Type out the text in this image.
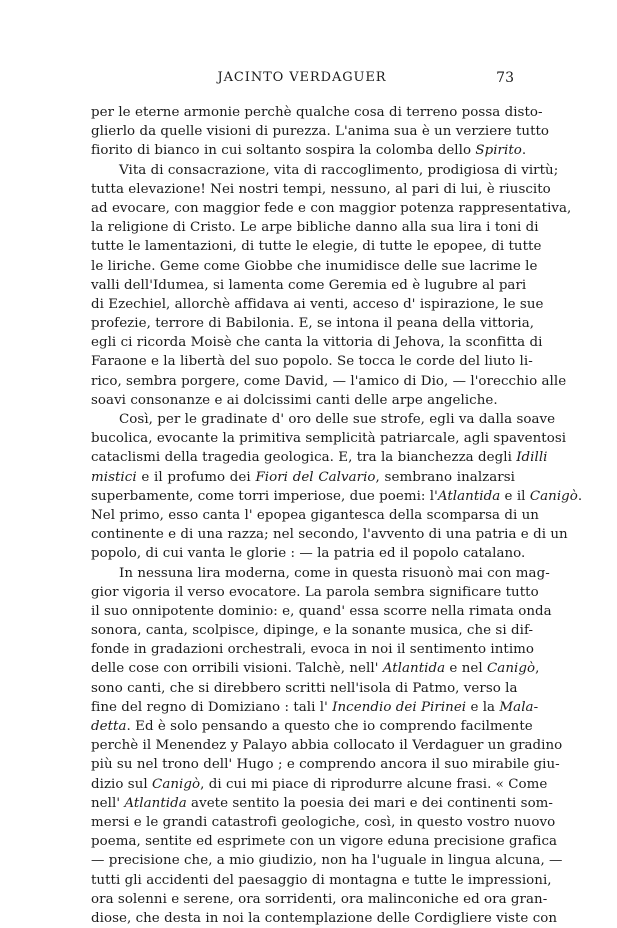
JACINTO VERDAGUER	73
per le eterne armonie perchè qualche cosa di terreno possa disto-
glierlo da quelle visioni di purezza. L'anima sua è un verziere tutto
fiorito di bianco in cui soltanto sospira la colomba dello Spirito.
Vita di consacrazione, vita di raccoglimento, prodigiosa di virtù;
tutta elevazione! Nei nostri tempi, nessuno, al pari di lui, è riuscito
ad evocare, con maggior fede e con maggior potenza rappresentativa,
la religione di Cristo. Le arpe bibliche danno alla sua lira i toni di
tutte le lamentazioni, di tutte le elegie, di tutte le epopee, di tutte
le liriche. Geme come Giobbe che inumidisce delle sue lacrime le
valli dell'Idumea, si lamenta come Geremia ed è lugubre al pari
di Ezechiel, allorchè affidava ai venti, acceso d' ispirazione, le sue
profezie, terrore di Babilonia. E, se intona il peana della vittoria,
egli ci ricorda Moisè che canta la vittoria di Jehova, la sconfitta di
Faraone e la libertà del suo popolo. Se tocca le corde del liuto li-
rico, sembra porgere, come David, — l'amico di Dio, — l'orecchio alle
soavi consonanze e ai dolcissimi canti delle arpe angeliche.
Così, per le gradinate d' oro delle sue strofe, egli va dalla soave
bucolica, evocante la primitiva semplicità patriarcale, agli spaventosi
cataclismi della tragedia geologica. E, tra la bianchezza degli Idilli
mistici e il profumo dei Fiori del Calvario, sembrano inalzarsi
superbamente, come torri imperiose, due poemi: l'Atlantida e il Canigò.
Nel primo, esso canta l' epopea gigantesca della scomparsa di un
continente e di una razza; nel secondo, l'avvento di una patria e di un
popolo, di cui vanta le glorie : — la patria ed il popolo catalano.
In nessuna lira moderna, come in questa risuonò mai con mag-
gior vigoria il verso evocatore. La parola sembra significare tutto
il suo onnipotente dominio: e, quand' essa scorre nella rimata onda
sonora, canta, scolpisce, dipinge, e la sonante musica, che si dif-
fonde in gradazioni orchestrali, evoca in noi il sentimento intimo
delle cose con orribili visioni. Talchè, nell' Atlantida e nel Canigò,
sono canti, che si direbbero scritti nell'isola di Patmo, verso la
fine del regno di Domiziano : tali l' Incendio dei Pirinei e la Mala-
detta. Ed è solo pensando a questo che io comprendo facilmente
perchè il Menendez y Palayo abbia collocato il Verdaguer un gradino
più su nel trono dell' Hugo ; e comprendo ancora il suo mirabile giu-
dizio sul Canigò, di cui mi piace di riprodurre alcune frasi. « Come
nell' Atlantida avete sentito la poesia dei mari e dei continenti som-
mersi e le grandi catastrofi geologiche, così, in questo vostro nuovo
poema, sentite ed esprimete con un vigore eduna precisione grafica
— precisione che, a mio giudizio, non ha l'uguale in lingua alcuna, —
tutti gli accidenti del paesaggio di montagna e tutte le impressioni,
ora solenni e serene, ora sorridenti, ora malinconiche ed ora gran-
diose, che desta in noi la contemplazione delle Cordigliere viste con
